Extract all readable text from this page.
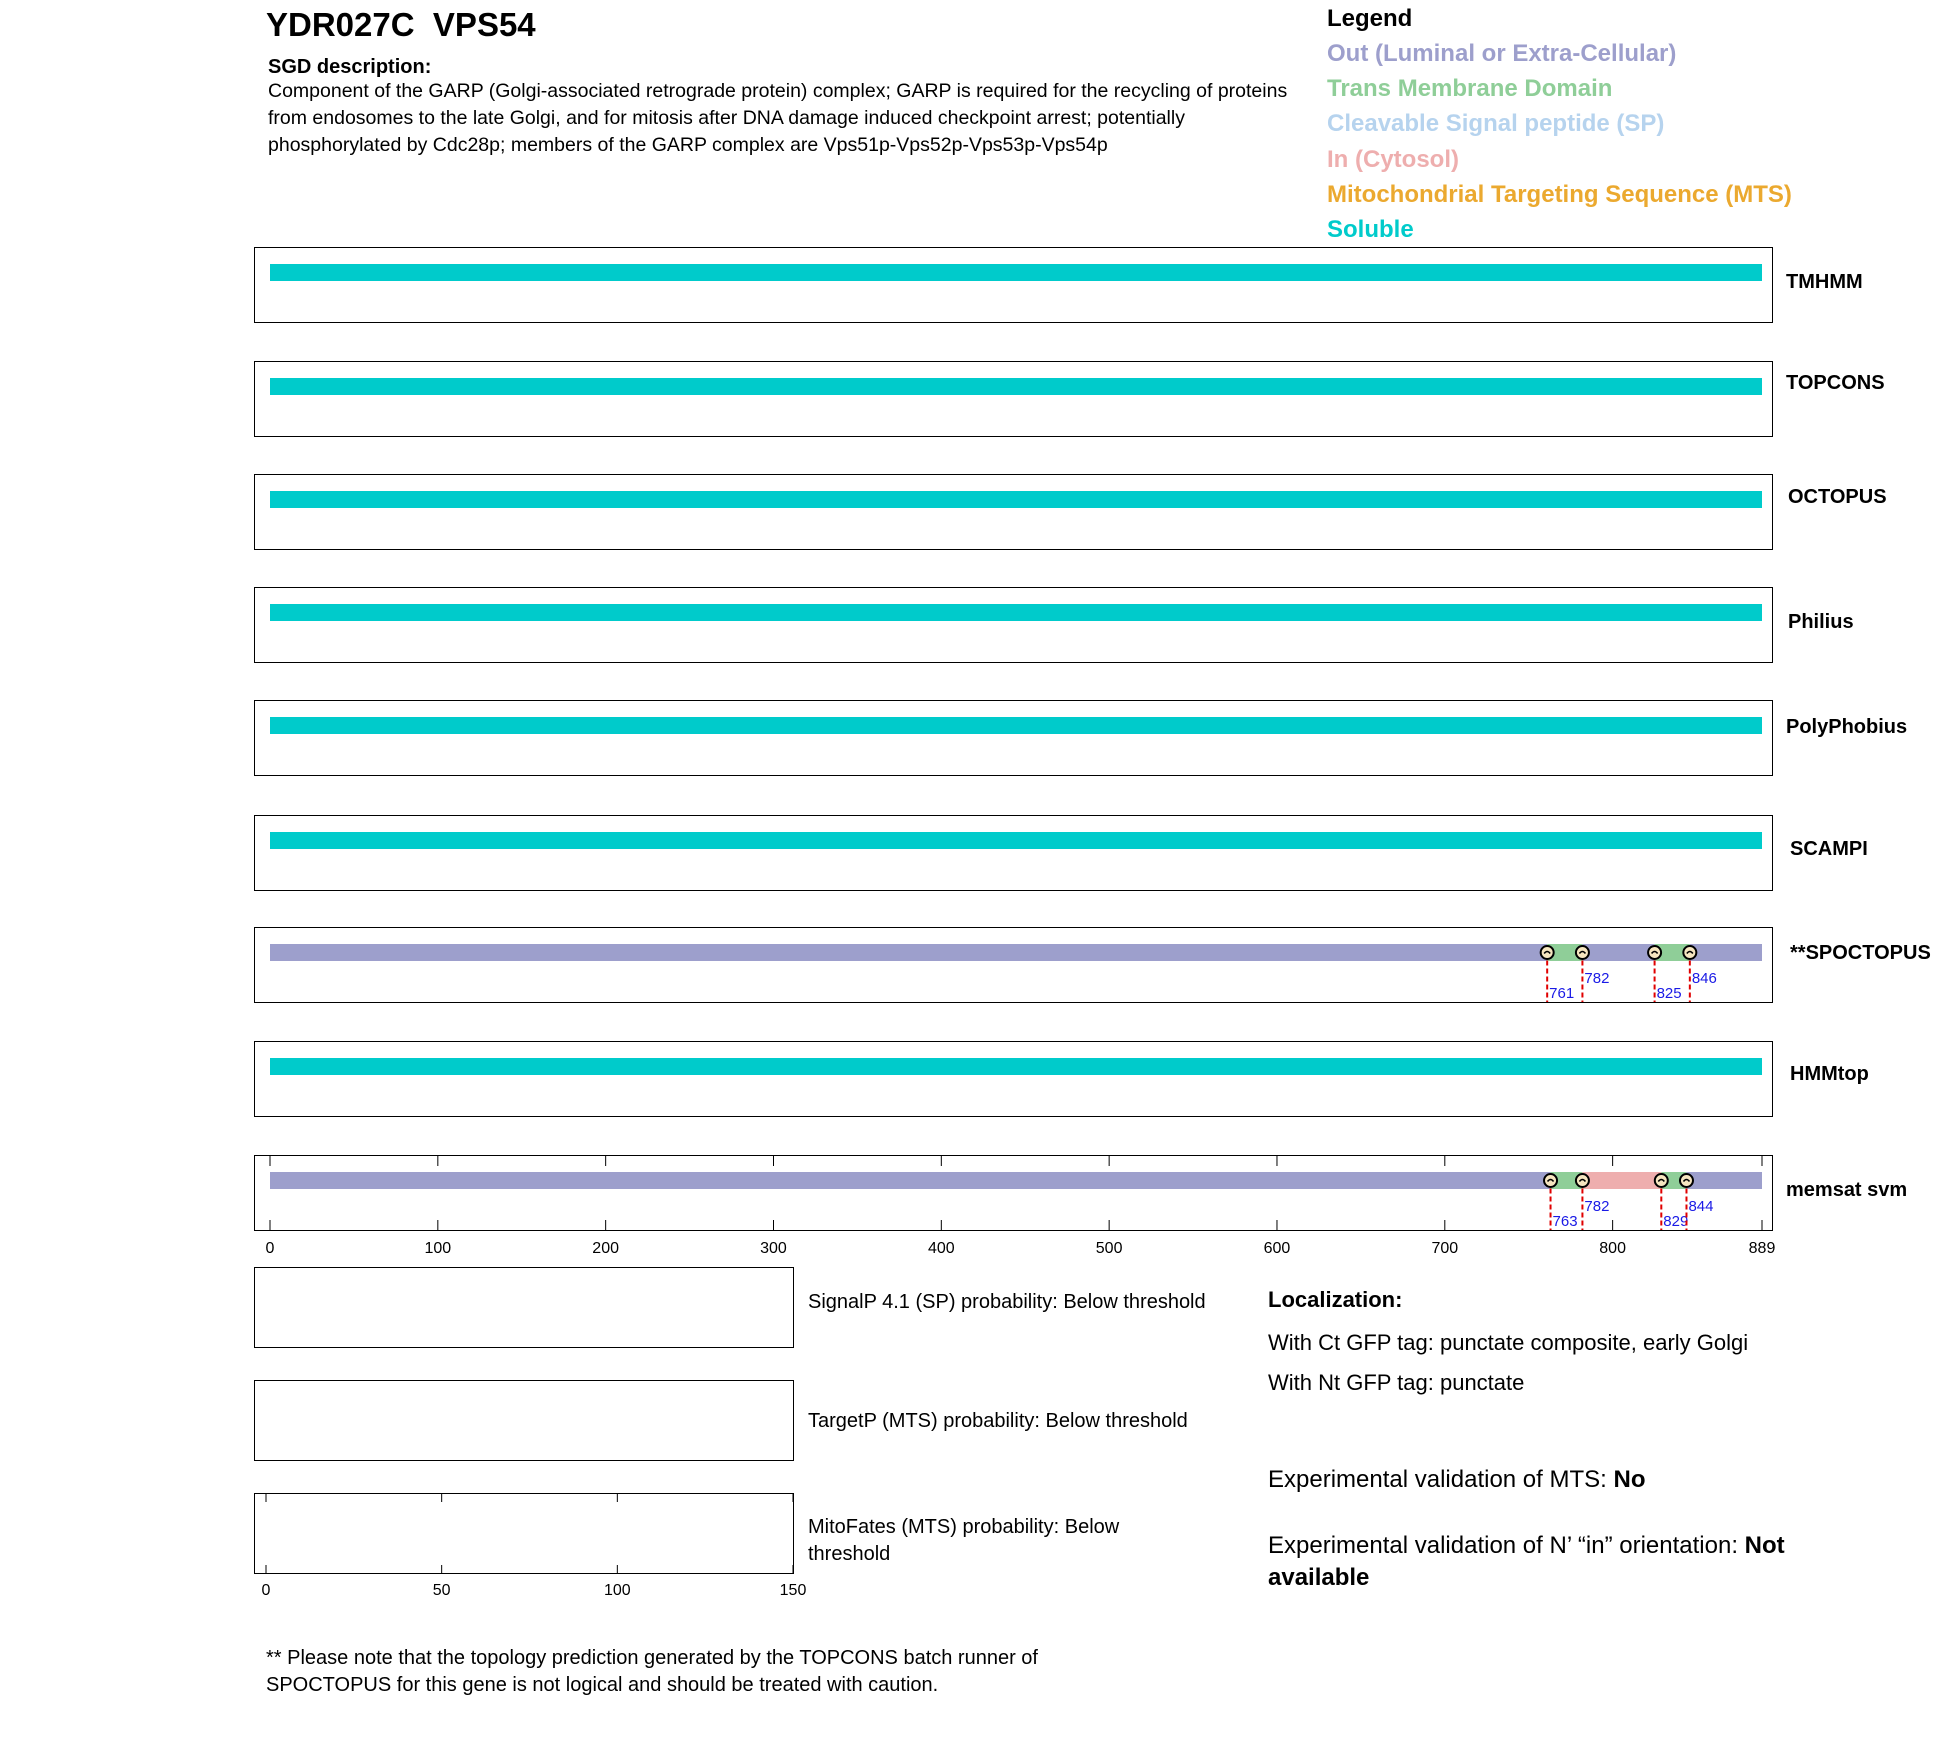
761
782
825
846
763
782
829
844
0	100	200	300	400	500	600	700	800	889
0	50	100	150
YDR027C VPS54
SGD description:
Component of the GARP (Golgi-associated retrograde protein) complex; GARP is required for the recycling of proteins from endosomes to the late Golgi, and for mitosis after DNA damage induced checkpoint arrest; potentially phosphorylated by Cdc28p; members of the GARP complex are Vps51p-Vps52p-Vps53p-Vps54p
Legend
Out (Luminal or Extra-Cellular)
Trans Membrane Domain
Cleavable Signal peptide (SP)
In (Cytosol)
Mitochondrial Targeting Sequence (MTS)
Soluble
TMHMM
TOPCONS
OCTOPUS
Philius
PolyPhobius
SCAMPI
**SPOCTOPUS
HMMtop
memsat svm
SignalP 4.1 (SP) probability: Below threshold
TargetP (MTS) probability: Below threshold
MitoFates (MTS) probability: Below threshold
Localization:
With Ct GFP tag: punctate composite, early Golgi
With Nt GFP tag: punctate
Experimental validation of MTS: No
Experimental validation of N’ “in” orientation: Not available
** Please note that the topology prediction generated by the TOPCONS batch runner of SPOCTOPUS for this gene is not logical and should be treated with caution.
